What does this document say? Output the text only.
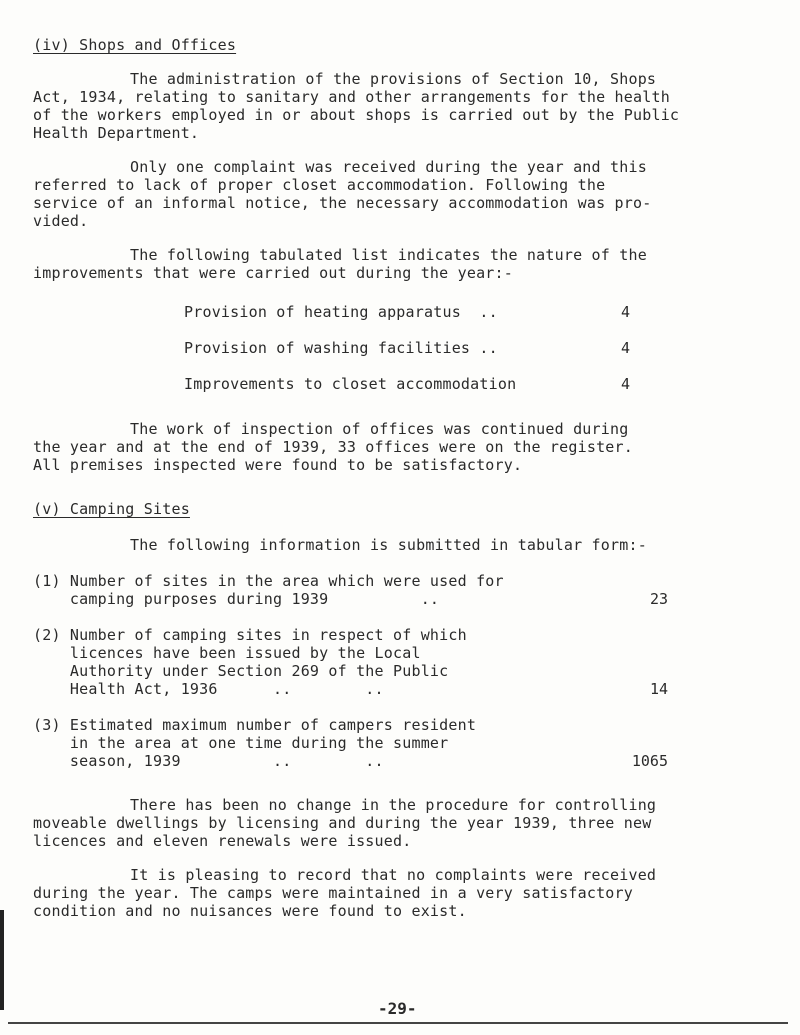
(iv) Shops and Offices
The administration of the provisions of Section 10, Shops
Act, 1934, relating to sanitary and other arrangements for the health
of the workers employed in or about shops is carried out by the Public
Health Department.
Only one complaint was received during the year and this
referred to lack of proper closet accommodation. Following the
service of an informal notice, the necessary accommodation was pro-
vided.
The following tabulated list indicates the nature of the
improvements that were carried out during the year:-
Provision of heating apparatus  ..	4
Provision of washing facilities ..	4
Improvements to closet accommodation	4
The work of inspection of offices was continued during
the year and at the end of 1939, 33 offices were on the register.
All premises inspected were found to be satisfactory.
(v) Camping Sites
The following information is submitted in tabular form:-
(1) Number of sites in the area which were used for
camping purposes during 1939          ..	23
(2) Number of camping sites in respect of which
licences have been issued by the Local
Authority under Section 269 of the Public
Health Act, 1936      ..        ..	14
(3) Estimated maximum number of campers resident
in the area at one time during the summer
season, 1939          ..        ..	1065
There has been no change in the procedure for controlling
moveable dwellings by licensing and during the year 1939, three new
licences and eleven renewals were issued.
It is pleasing to record that no complaints were received
during the year. The camps were maintained in a very satisfactory
condition and no nuisances were found to exist.
-29-
